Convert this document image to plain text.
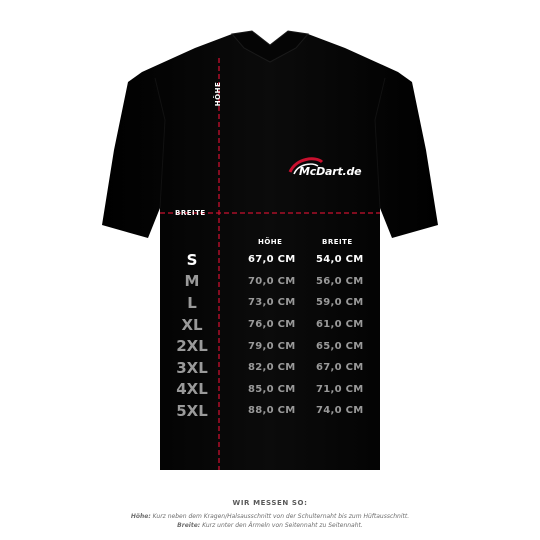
HÖHE
BREITE
McDart.de
HÖHE	BREITE
S	67,0 CM 54,0 CM
M	70,0 CM 56,0 CM
L	73,0 CM 59,0 CM
XL	76,0 CM 61,0 CM
2XL	79,0 CM 65,0 CM
3XL	82,0 CM 67,0 CM
4XL	85,0 CM 71,0 CM
5XL	88,0 CM 74,0 CM
WIR MESSEN SO:
Höhe: Kurz neben dem Kragen/Halsausschnitt von der Schulternaht bis zum Hüftausschnitt.
Breite: Kurz unter den Ärmeln von Seitennaht zu Seitennaht.
